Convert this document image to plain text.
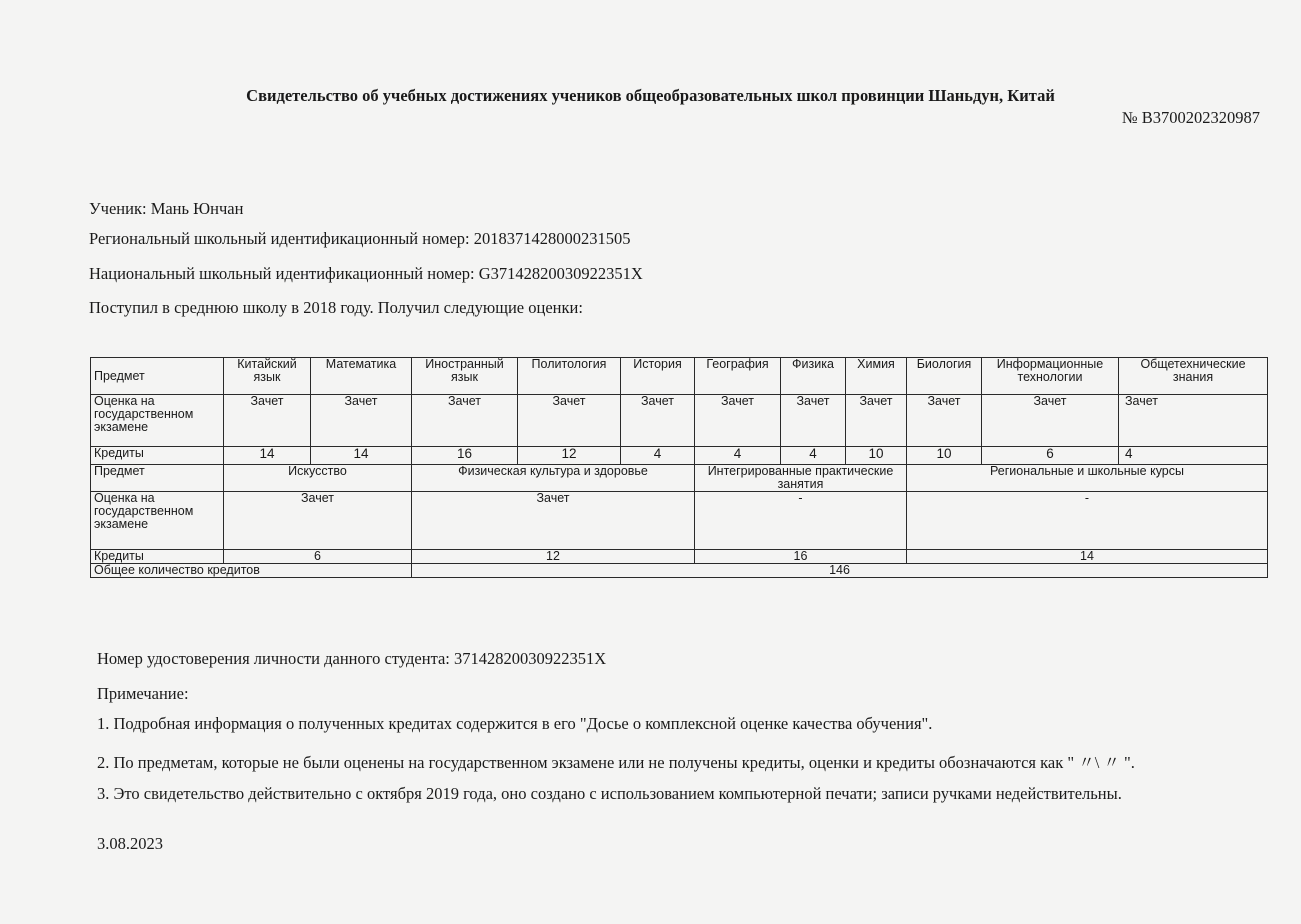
Свидетельство об учебных достижениях учеников общеобразовательных школ провинции Шаньдун, Китай
№ B3700202320987
Ученик: Мань Юнчан
Региональный школьный идентификационный номер: 2018371428000231505
Национальный школьный идентификационный номер: G37142820030922351X
Поступил в среднюю школу в 2018 году. Получил следующие оценки:
Предмет	Китайский язык	Математика	Иностранный язык	Политология	История	География	Физика	Химия	Биология	Информационные технологии	Общетехнические знания
Оценка на государственном экзамене	Зачет	Зачет	Зачет	Зачет	Зачет	Зачет	Зачет	Зачет	Зачет	Зачет	Зачет
Кредиты	14	14	16	12	4	4	4	10	10	6	4
Предмет	Искусство		Физическая культура и здоровье			Интегрированные практические занятия			Региональные и школьные курсы		
Оценка на государственном экзамене	Зачет		Зачет			-			-		
Кредиты	6		12			16			14		
Общее количество кредитов			146								
Номер удостоверения личности данного студента: 37142820030922351X
Примечание:
1. Подробная информация о полученных кредитах содержится в его "Досье о комплексной оценке качества обучения".
2. По предметам, которые не были оценены на государственном экзамене или не получены кредиты, оценки и кредиты обозначаются как " 〃\ 〃 ".
3. Это свидетельство действительно с октября 2019 года, оно создано с использованием компьютерной печати; записи ручками недействительны.
3.08.2023
